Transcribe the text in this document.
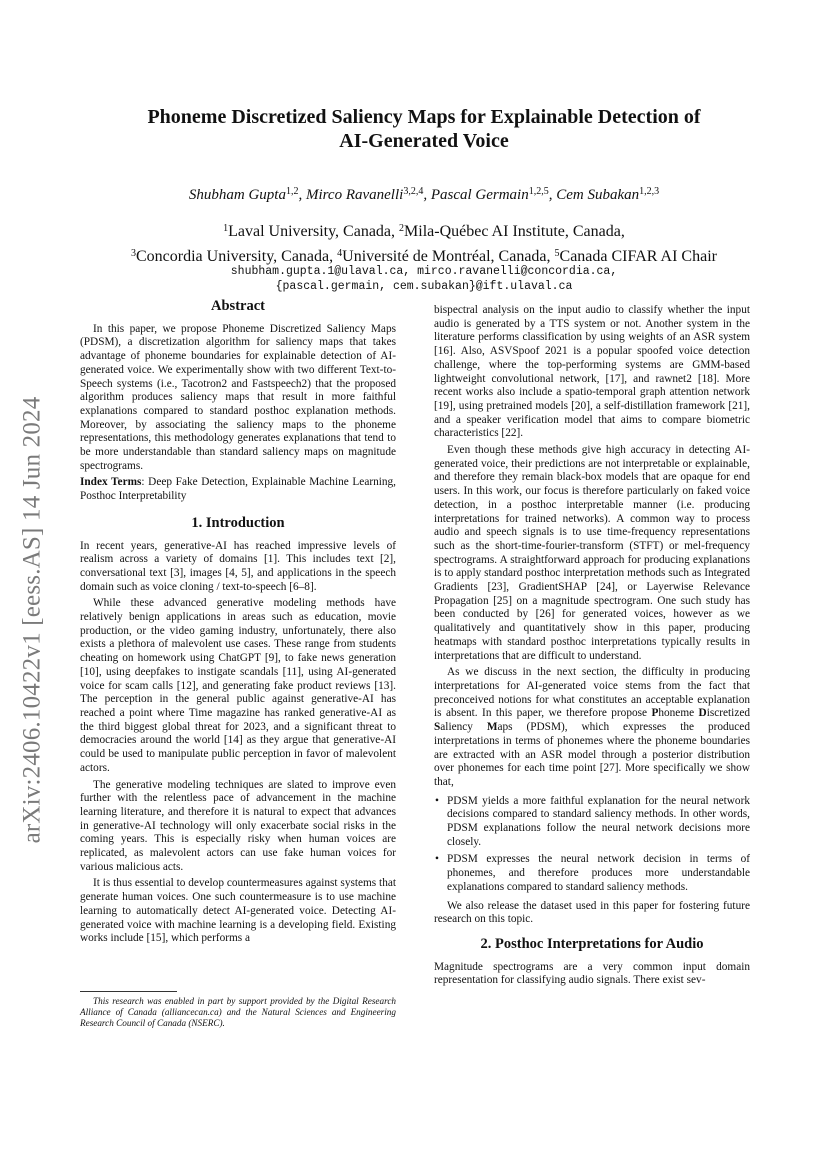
arXiv:2406.10422v1 [eess.AS] 14 Jun 2024
Phoneme Discretized Saliency Maps for Explainable Detection of
AI-Generated Voice
Shubham Gupta$^{1,2}$, Mirco Ravanelli$^{3,2,4}$, Pascal Germain$^{1,2,5}$, Cem Subakan$^{1,2,3}$
$^1$Laval University, Canada, $^2$Mila-Québec AI Institute, Canada,
$^3$Concordia University, Canada, $^4$Université de Montréal, Canada, $^5$Canada CIFAR AI Chair
shubham.gupta.1@ulaval.ca, mirco.ravanelli@concordia.ca,
{pascal.germain, cem.subakan}@ift.ulaval.ca
Abstract

In this paper, we propose Phoneme Discretized Saliency Maps (PDSM), a discretization algorithm for saliency maps that takes advantage of phoneme boundaries for explainable detection of AI-generated voice. We experimentally show with two different Text-to-Speech systems (i.e., Tacotron2 and Fastspeech2) that the proposed algorithm produces saliency maps that result in more faithful explanations compared to standard posthoc explanation methods. Moreover, by associating the saliency maps to the phoneme representations, this methodology generates explanations that tend to be more understandable than standard saliency maps on magnitude spectrograms.

Index Terms: Deep Fake Detection, Explainable Machine Learning, Posthoc Interpretability

1. Introduction

In recent years, generative-AI has reached impressive levels of realism across a variety of domains [1]. This includes text [2], conversational text [3], images [4, 5], and applications in the speech domain such as voice cloning / text-to-speech [6–8].

While these advanced generative modeling methods have relatively benign applications in areas such as education, movie production, or the video gaming industry, unfortunately, there also exists a plethora of malevolent use cases. These range from students cheating on homework using ChatGPT [9], to fake news generation [10], using deepfakes to instigate scandals [11], using AI-generated voice for scam calls [12], and generating fake product reviews [13]. The perception in the general public against generative-AI has reached a point where Time magazine has ranked generative-AI as the third biggest global threat for 2023, and a significant threat to democracies around the world [14] as they argue that generative-AI could be used to manipulate public perception in favor of malevolent actors.

The generative modeling techniques are slated to improve even further with the relentless pace of advancement in the machine learning literature, and therefore it is natural to expect that advances in generative-AI technology will only exacerbate social risks in the coming years. This is especially risky when human voices are replicated, as malevolent actors can use fake human voices for various malicious acts.

It is thus essential to develop countermeasures against systems that generate human voices. One such countermeasure is to use machine learning to automatically detect AI-generated voice. Detecting AI-generated voice with machine learning is a developing field. Existing works include [15], which performs a

This research was enabled in part by support provided by the Digital Research Alliance of Canada (alliancecan.ca) and the Natural Sciences and Engineering Research Council of Canada (NSERC).

bispectral analysis on the input audio to classify whether the input audio is generated by a TTS system or not. Another system in the literature performs classification by using weights of an ASR system [16]. Also, ASVSpoof 2021 is a popular spoofed voice detection challenge, where the top-performing systems are GMM-based lightweight convolutional network, [17], and rawnet2 [18]. More recent works also include a spatio-temporal graph attention network [19], using pretrained models [20], a self-distillation framework [21], and a speaker verification model that aims to compare biometric characteristics [22].

Even though these methods give high accuracy in detecting AI-generated voice, their predictions are not interpretable or explainable, and therefore they remain black-box models that are opaque for end users. In this work, our focus is therefore particularly on faked voice detection, in a posthoc interpretable manner (i.e. producing interpretations for trained networks). A common way to process audio and speech signals is to use time-frequency representations such as the short-time-fourier-transform (STFT) or mel-frequency spectrograms. A straightforward approach for producing explanations is to apply standard posthoc interpretation methods such as Integrated Gradients [23], GradientSHAP [24], or Layerwise Relevance Propagation [25] on a magnitude spectrogram. One such study has been conducted by [26] for generated voices, however as we qualitatively and quantitatively show in this paper, producing heatmaps with standard posthoc interpretations typically results in interpretations that are difficult to understand.

As we discuss in the next section, the difficulty in producing interpretations for AI-generated voice stems from the fact that preconceived notions for what constitutes an acceptable explanation is absent. In this paper, we therefore propose Phoneme Discretized Saliency Maps (PDSM), which expresses the produced interpretations in terms of phonemes where the phoneme boundaries are extracted with an ASR model through a posterior distribution over phonemes for each time point [27]. More specifically we show that,

• PDSM yields a more faithful explanation for the neural network decisions compared to standard saliency methods. In other words, PDSM explanations follow the neural network decisions more closely.
• PDSM expresses the neural network decision in terms of phonemes, and therefore produces more understandable explanations compared to standard saliency methods.

We also release the dataset used in this paper for fostering future research on this topic.

2. Posthoc Interpretations for Audio

Magnitude spectrograms are a very common input domain representation for classifying audio signals. There exist sev-
